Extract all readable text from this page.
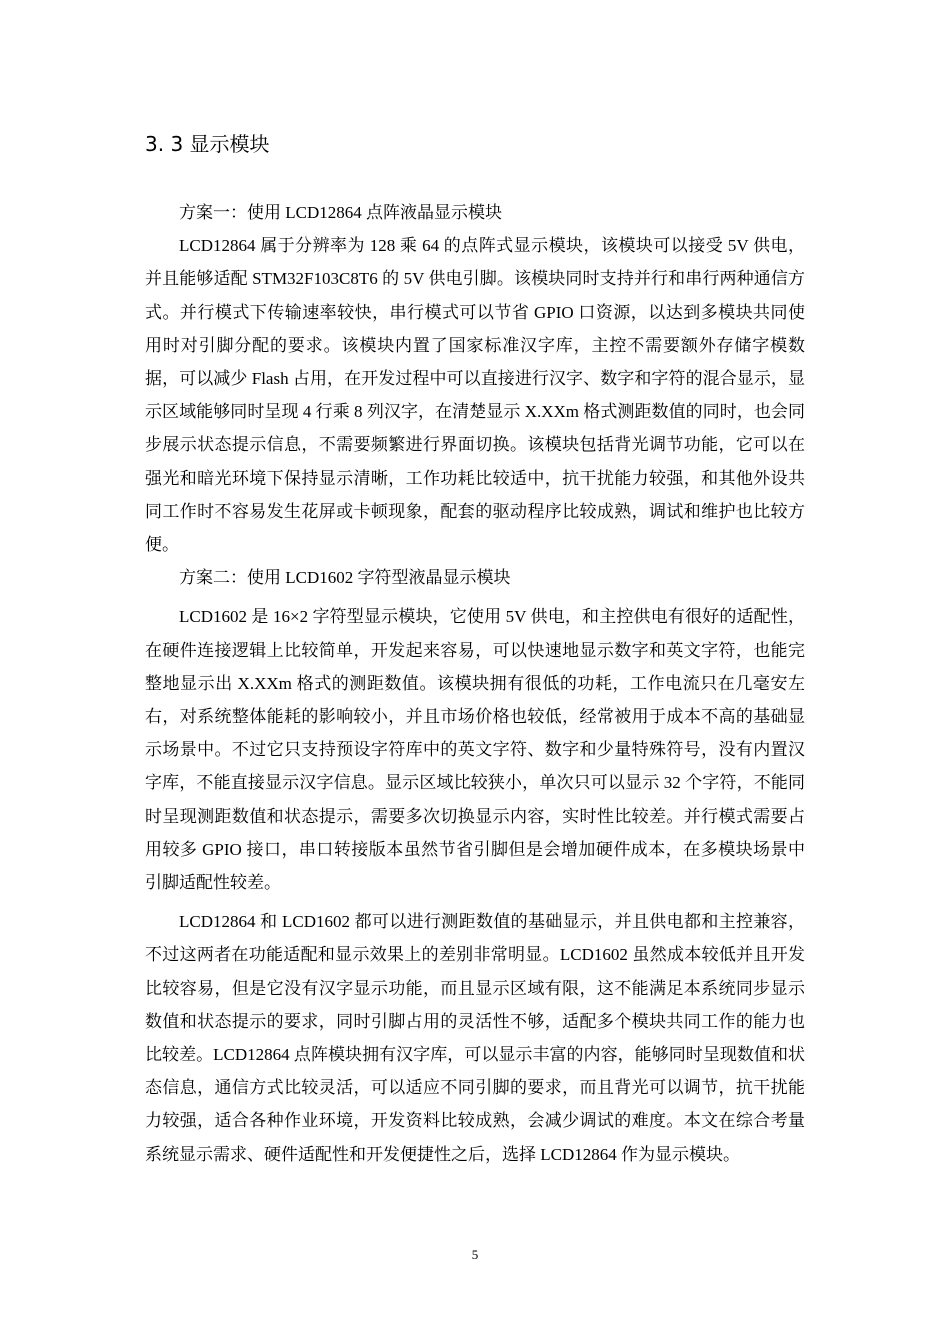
3. 3 显示模块

方案一：使用 LCD12864 点阵液晶显示模块

LCD12864 属于分辨率为 128 乘 64 的点阵式显示模块，该模块可以接受 5V 供电，并且能够适配 STM32F103C8T6 的 5V 供电引脚。该模块同时支持并行和串行两种通信方式。并行模式下传输速率较快，串行模式可以节省 GPIO 口资源，以达到多模块共同使用时对引脚分配的要求。该模块内置了国家标准汉字库，主控不需要额外存储字模数据，可以减少 Flash 占用，在开发过程中可以直接进行汉字、数字和字符的混合显示，显示区域能够同时呈现 4 行乘 8 列汉字，在清楚显示 X.XXm 格式测距数值的同时，也会同步展示状态提示信息，不需要频繁进行界面切换。该模块包括背光调节功能，它可以在强光和暗光环境下保持显示清晰，工作功耗比较适中，抗干扰能力较强，和其他外设共同工作时不容易发生花屏或卡顿现象，配套的驱动程序比较成熟，调试和维护也比较方便。

方案二：使用 LCD1602 字符型液晶显示模块

LCD1602 是 16×2 字符型显示模块，它使用 5V 供电，和主控供电有很好的适配性，在硬件连接逻辑上比较简单，开发起来容易，可以快速地显示数字和英文字符，也能完整地显示出 X.XXm 格式的测距数值。该模块拥有很低的功耗，工作电流只在几毫安左右，对系统整体能耗的影响较小，并且市场价格也较低，经常被用于成本不高的基础显示场景中。不过它只支持预设字符库中的英文字符、数字和少量特殊符号，没有内置汉字库，不能直接显示汉字信息。显示区域比较狭小，单次只可以显示 32 个字符，不能同时呈现测距数值和状态提示，需要多次切换显示内容，实时性比较差。并行模式需要占用较多 GPIO 接口，串口转接版本虽然节省引脚但是会增加硬件成本，在多模块场景中引脚适配性较差。

LCD12864 和 LCD1602 都可以进行测距数值的基础显示，并且供电都和主控兼容，不过这两者在功能适配和显示效果上的差别非常明显。LCD1602 虽然成本较低并且开发比较容易，但是它没有汉字显示功能，而且显示区域有限，这不能满足本系统同步显示数值和状态提示的要求，同时引脚占用的灵活性不够，适配多个模块共同工作的能力也比较差。LCD12864 点阵模块拥有汉字库，可以显示丰富的内容，能够同时呈现数值和状态信息，通信方式比较灵活，可以适应不同引脚的要求，而且背光可以调节，抗干扰能力较强，适合各种作业环境，开发资料比较成熟，会减少调试的难度。本文在综合考量系统显示需求、硬件适配性和开发便捷性之后，选择 LCD12864 作为显示模块。

5
